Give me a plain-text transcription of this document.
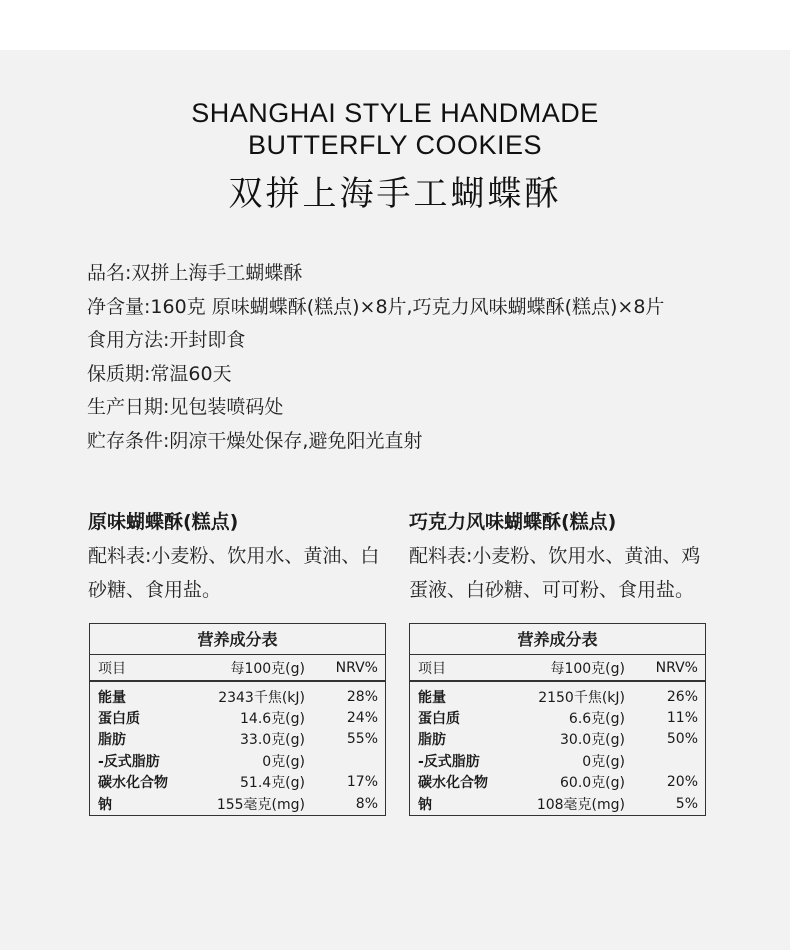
SHANGHAI STYLE HANDMADE
BUTTERFLY COOKIES
双拼上海手工蝴蝶酥
品名:双拼上海手工蝴蝶酥
净含量:160克 原味蝴蝶酥(糕点)×8片,巧克力风味蝴蝶酥(糕点)×8片
食用方法:开封即食
保质期:常温60天
生产日期:见包装喷码处
贮存条件:阴凉干燥处保存,避免阳光直射
原味蝴蝶酥(糕点)
配料表:小麦粉、饮用水、黄油、白砂糖、食用盐。
巧克力风味蝴蝶酥(糕点)
配料表:小麦粉、饮用水、黄油、鸡蛋液、白砂糖、可可粉、食用盐。
营养成分表
项目	每100克(g)	NRV%
能量	2343千焦(kJ)	28%
蛋白质	14.6克(g)	24%
脂肪	33.0克(g)	55%
-反式脂肪	0克(g)
碳水化合物	51.4克(g)	17%
钠	155毫克(mg)	8%
营养成分表
项目	每100克(g)	NRV%
能量	2150千焦(kJ)	26%
蛋白质	6.6克(g)	11%
脂肪	30.0克(g)	50%
-反式脂肪	0克(g)
碳水化合物	60.0克(g)	20%
钠	108毫克(mg)	5%
